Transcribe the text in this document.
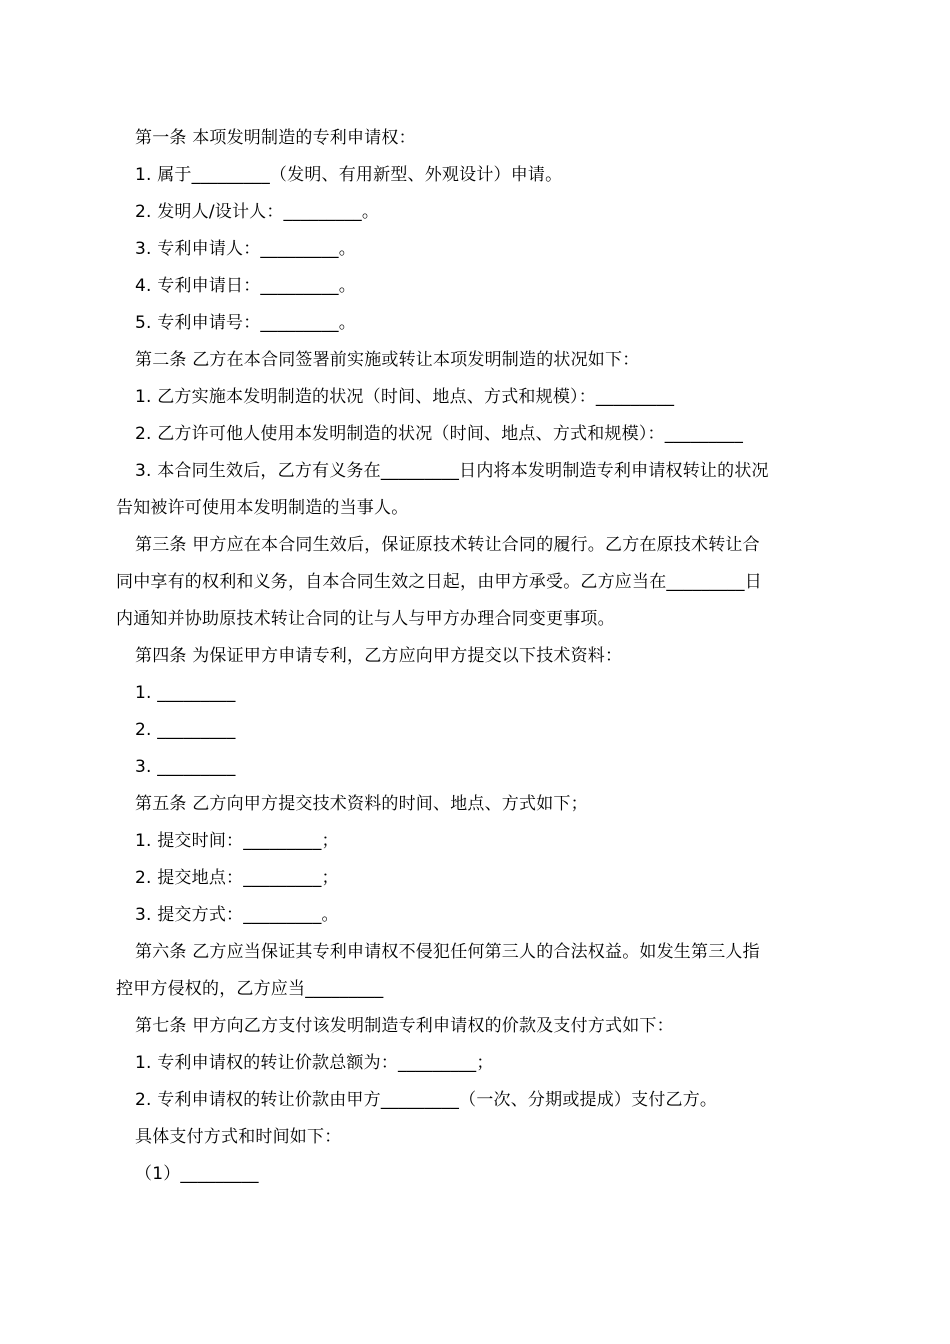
第一条 本项发明制造的专利申请权：
1. 属于_________（发明、有用新型、外观设计）申请。
2. 发明人/设计人：_________。
3. 专利申请人：_________。
4. 专利申请日：_________。
5. 专利申请号：_________。
第二条 乙方在本合同签署前实施或转让本项发明制造的状况如下：
1. 乙方实施本发明制造的状况（时间、地点、方式和规模）：_________
2. 乙方许可他人使用本发明制造的状况（时间、地点、方式和规模）：_________
3. 本合同生效后，乙方有义务在_________日内将本发明制造专利申请权转让的状况
告知被许可使用本发明制造的当事人。
第三条 甲方应在本合同生效后，保证原技术转让合同的履行。乙方在原技术转让合
同中享有的权利和义务，自本合同生效之日起，由甲方承受。乙方应当在_________日
内通知并协助原技术转让合同的让与人与甲方办理合同变更事项。
第四条 为保证甲方申请专利，乙方应向甲方提交以下技术资料：
1. _________
2. _________
3. _________
第五条 乙方向甲方提交技术资料的时间、地点、方式如下；
1. 提交时间：_________；
2. 提交地点：_________；
3. 提交方式：_________。
第六条 乙方应当保证其专利申请权不侵犯任何第三人的合法权益。如发生第三人指
控甲方侵权的，乙方应当_________
第七条 甲方向乙方支付该发明制造专利申请权的价款及支付方式如下：
1. 专利申请权的转让价款总额为：_________；
2. 专利申请权的转让价款由甲方_________（一次、分期或提成）支付乙方。
具体支付方式和时间如下：
（1）_________
